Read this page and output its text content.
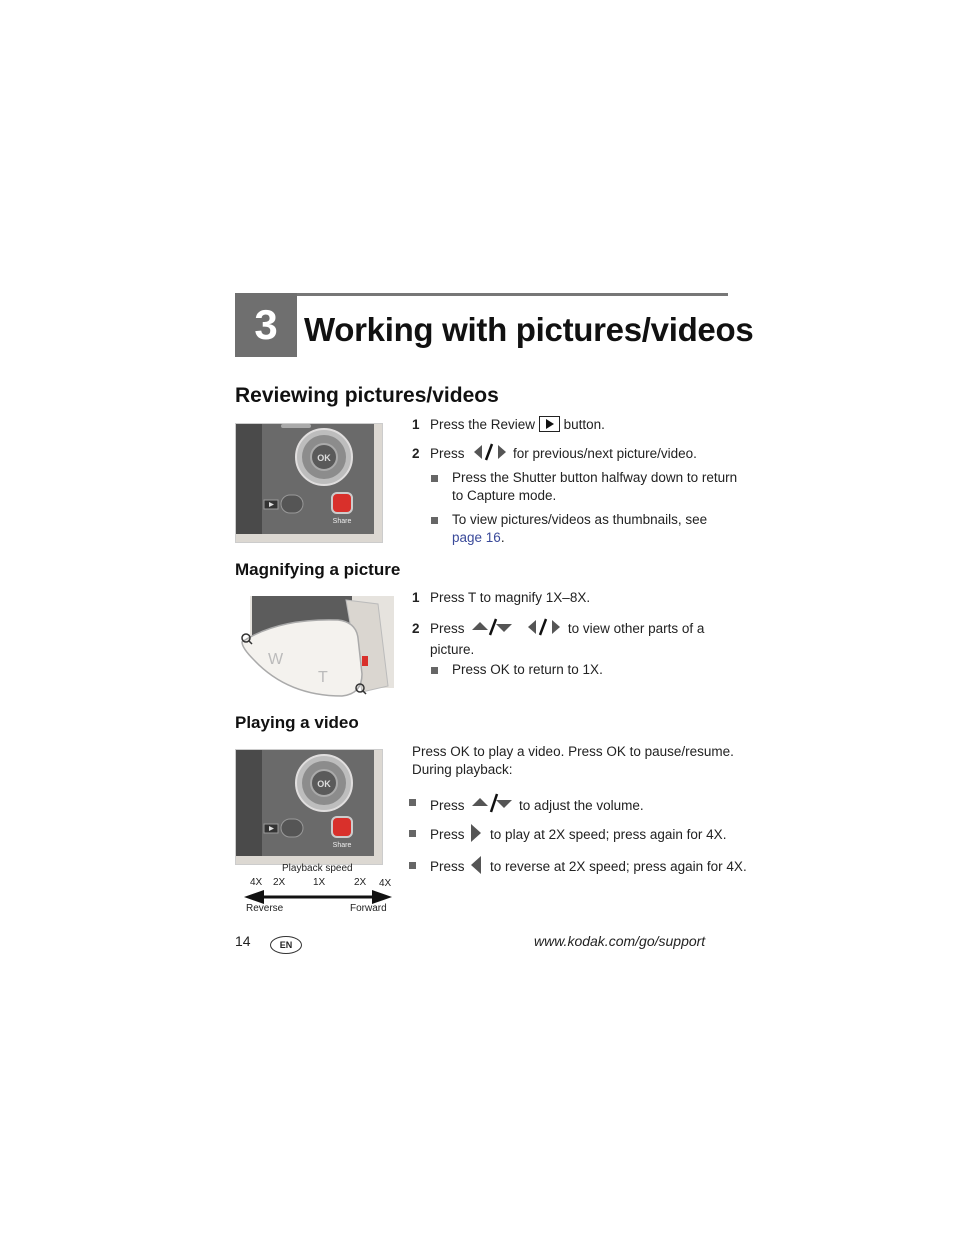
3 Working with pictures/videos
Reviewing pictures/videos
OK
Share
1 Press the Review button.
2 Press	for previous/next picture/video.
Press the Shutter button halfway down to return
to Capture mode.
To view pictures/videos as thumbnails, see
page 16.
Magnifying a picture
W
T
1 Press T to magnify 1X–8X.
2 Press	to view other parts of a
picture.
Press OK to return to 1X.
Playing a video
OK
Share
Playback speed
4X 2X	1X	2X 4X
Reverse	Forward
Press OK to play a video. Press OK to pause/resume.
During playback:
Press	to adjust the volume.
Press to play at 2X speed; press again for 4X.
Press to reverse at 2X speed; press again for 4X.
14	EN	www.kodak.com/go/support
